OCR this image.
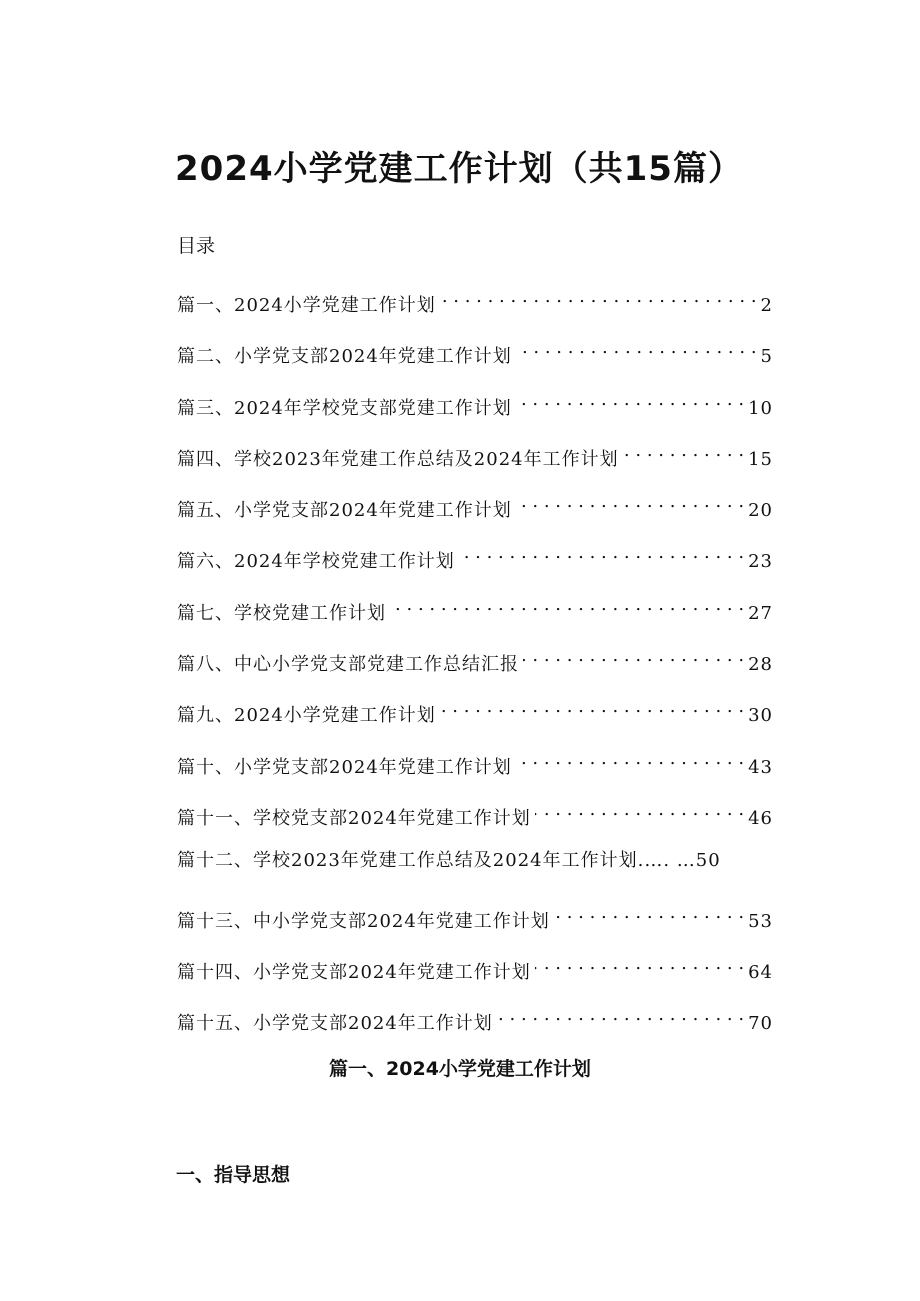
2024小学党建工作计划（共15篇）
目录
篇一、2024小学党建工作计划 . . .	2
篇二、小学党支部2024年党建工作计划 . . .	5
篇三、2024年学校党支部党建工作计划 . . .	10
篇四、学校2023年党建工作总结及2024年工作计划 . . .	15
篇五、小学党支部2024年党建工作计划 . . .	20
篇六、2024年学校党建工作计划 . . .	23
篇七、学校党建工作计划 . . .	27
篇八、中心小学党支部党建工作总结汇报 . . .	28
篇九、2024小学党建工作计划 . . .	30
篇十、小学党支部2024年党建工作计划 . . .	43
篇十一、学校党支部2024年党建工作计划 . . .	46
篇十二、学校2023年党建工作总结及2024年工作计划.…. …50
篇十三、中小学党支部2024年党建工作计划 . . .	53
篇十四、小学党支部2024年党建工作计划 . . .	64
篇十五、小学党支部2024年工作计划 . . .	70
篇一、2024小学党建工作计划
一、指导思想
